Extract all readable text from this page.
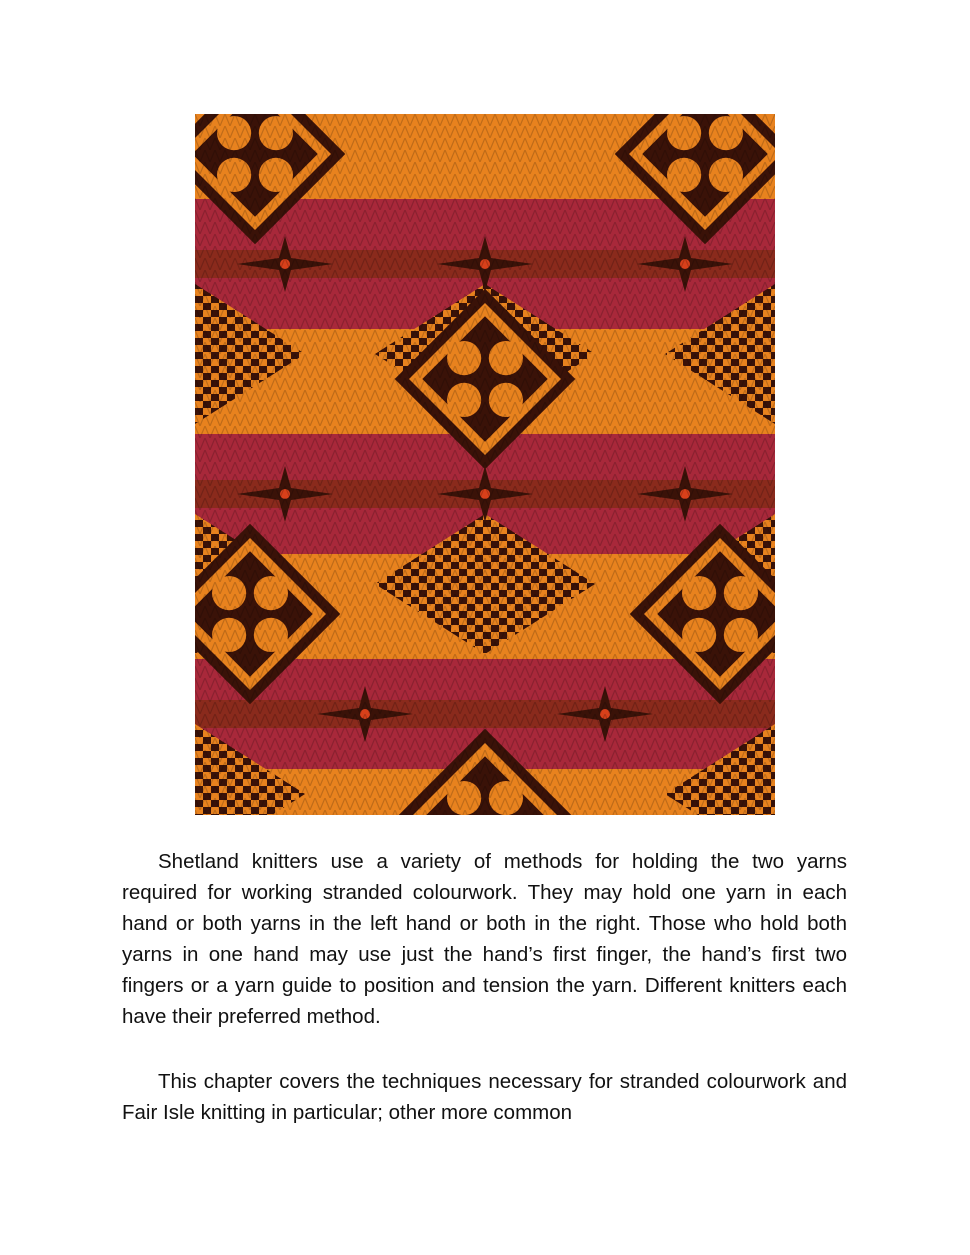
Shetland knitters use a variety of methods for holding the two yarns required for working stranded colourwork. They may hold one yarn in each hand or both yarns in the left hand or both in the right. Those who hold both yarns in one hand may use just the hand’s first finger, the hand’s first two fingers or a yarn guide to position and tension the yarn. Different knitters each have their preferred method.

This chapter covers the techniques necessary for stranded colourwork and Fair Isle knitting in particular; other more common
